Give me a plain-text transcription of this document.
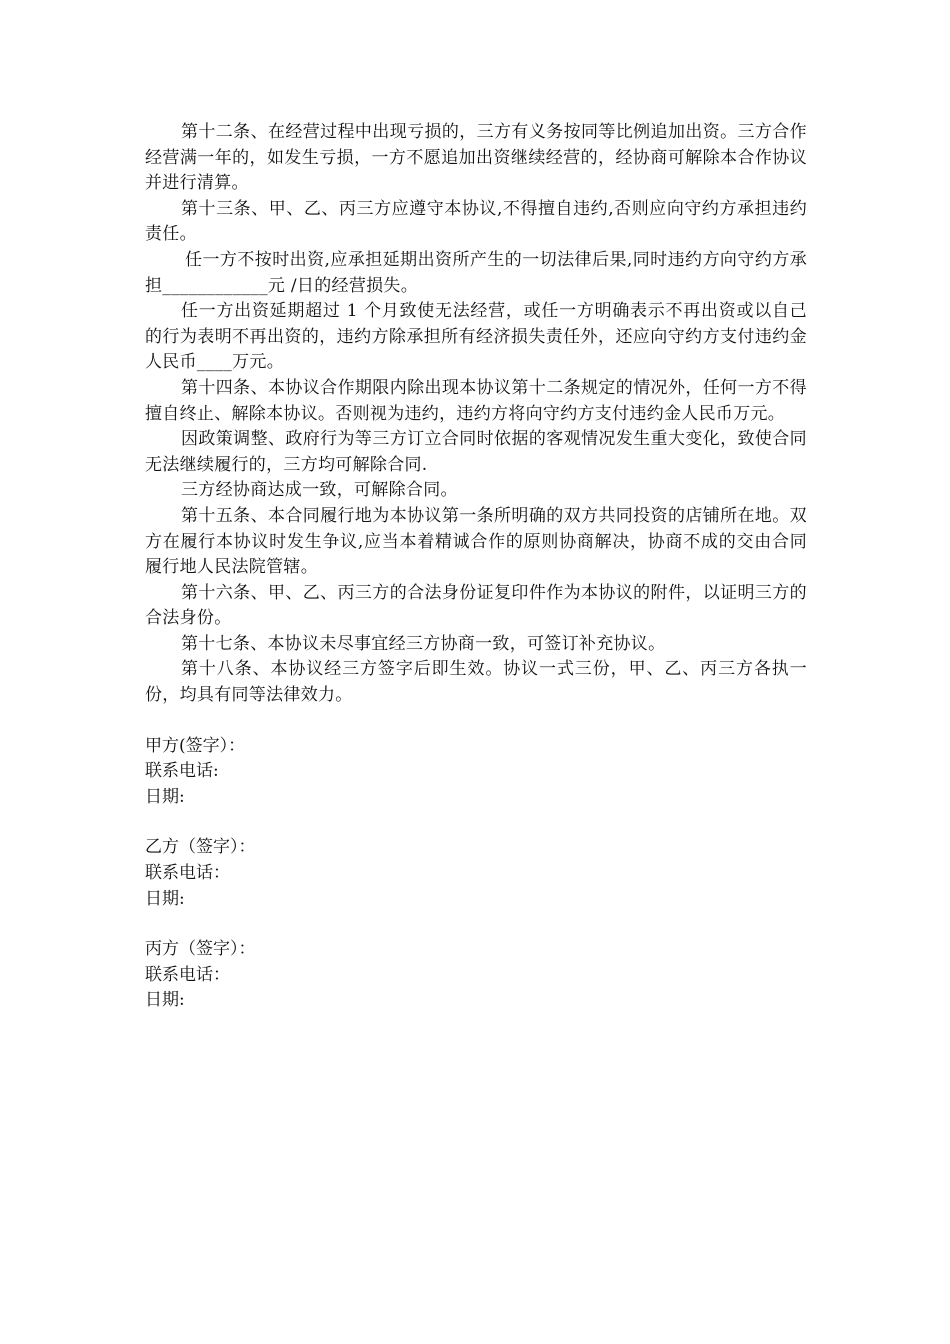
第十二条、在经营过程中出现亏损的，三方有义务按同等比例追加出资。三方合作经营满一年的，如发生亏损，一方不愿追加出资继续经营的，经协商可解除本合作协议并进行清算。

第十三条、甲、乙、丙三方应遵守本协议,不得擅自违约,否则应向守约方承担违约责任。

任一方不按时出资,应承担延期出资所产生的一切法律后果,同时违约方向守约方承担____________元 /日的经营损失。

任一方出资延期超过 1 个月致使无法经营，或任一方明确表示不再出资或以自己的行为表明不再出资的，违约方除承担所有经济损失责任外，还应向守约方支付违约金人民币____万元。

第十四条、本协议合作期限内除出现本协议第十二条规定的情况外，任何一方不得擅自终止、解除本协议。否则视为违约，违约方将向守约方支付违约金人民币万元。

因政策调整、政府行为等三方订立合同时依据的客观情况发生重大变化，致使合同无法继续履行的，三方均可解除合同.

三方经协商达成一致，可解除合同。

第十五条、本合同履行地为本协议第一条所明确的双方共同投资的店铺所在地。双方在履行本协议时发生争议,应当本着精诚合作的原则协商解决，协商不成的交由合同履行地人民法院管辖。

第十六条、甲、乙、丙三方的合法身份证复印件作为本协议的附件，以证明三方的合法身份。

第十七条、本协议未尽事宜经三方协商一致，可签订补充协议。

第十八条、本协议经三方签字后即生效。协议一式三份，甲、乙、丙三方各执一份，均具有同等法律效力。

甲方(签字）：

联系电话:

日期:

乙方（签字）：

联系电话：

日期:

丙方（签字）：

联系电话：

日期:
